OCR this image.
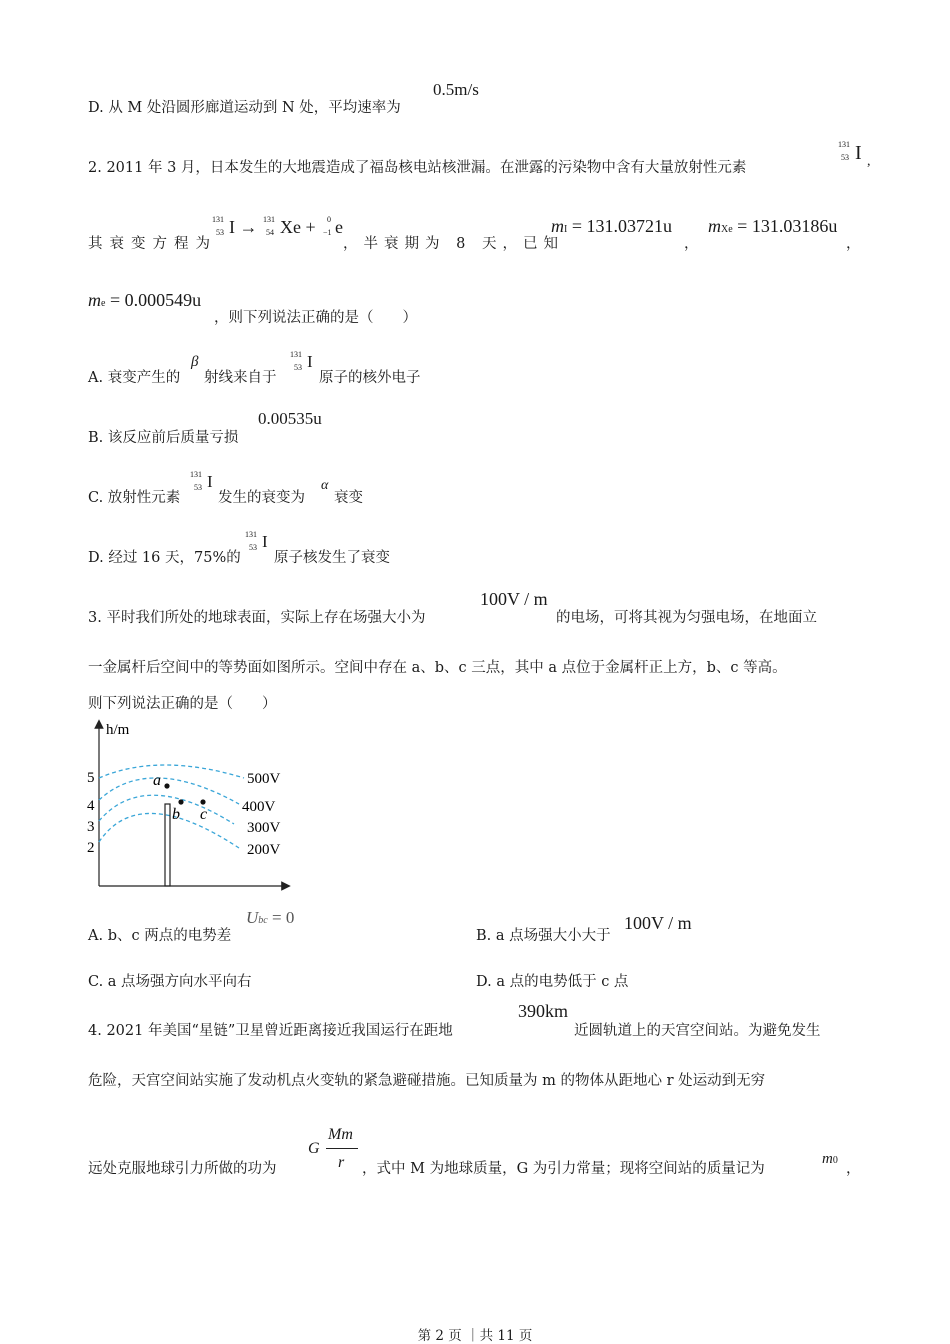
D. 从 M 处沿圆形廊道运动到 N 处，平均速率为
0.5m/s
2. 2011 年 3 月，日本发生的大地震造成了福岛核电站核泄漏。在泄露的污染物中含有大量放射性元素
131
53 I ,
其衰变方程为
131
53 I → 131
54 Xe + 0
−1 e
，半衰期为 8 天，已知
mI = 131.03721u
，
mXe = 131.03186u
，
me = 0.000549u
，则下列说法正确的是（　　）
A. 衰变产生的
β
射线来自于
131
53 I
原子的核外电子
B. 该反应前后质量亏损
0.00535u
C. 放射性元素
131
53 I
发生的衰变为
α
衰变
D. 经过 16 天，75%的
131
53 I
原子核发生了衰变
3. 平时我们所处的地球表面，实际上存在场强大小为
100V / m
的电场，可将其视为匀强电场，在地面立
一金属杆后空间中的等势面如图所示。空间中存在 a、b、c 三点，其中 a 点位于金属杆正上方，b、c 等高。
则下列说法正确的是（　　）
h/m
5
4
3
2
a
b c
500V
400V
300V
200V
A. b、c 两点的电势差
Ubc = 0
B. a 点场强大小大于
100V / m
C. a 点场强方向水平向右	D. a 点的电势低于 c 点
4. 2021 年美国“星链”卫星曾近距离接近我国运行在距地
390km
近圆轨道上的天宫空间站。为避免发生
危险，天宫空间站实施了发动机点火变轨的紧急避碰措施。已知质量为 m 的物体从距地心 r 处运动到无穷
远处克服地球引力所做的功为
G
Mm
r ，式中 M 为地球质量，G 为引力常量；现将空间站的质量记为
m0
，
第 2 页 ｜共 11 页
